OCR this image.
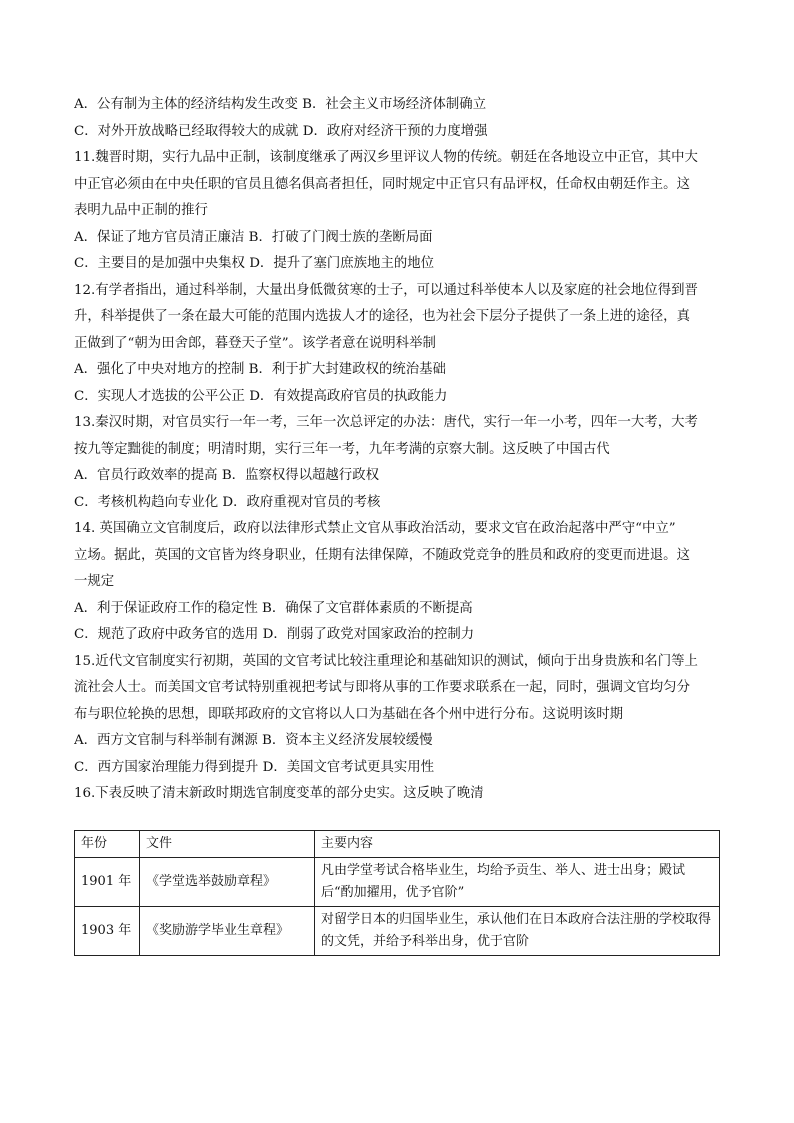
A．公有制为主体的经济结构发生改变 B．社会主义市场经济体制确立
C．对外开放战略已经取得较大的成就 D．政府对经济干预的力度增强
11.魏晋时期，实行九品中正制，该制度继承了两汉乡里评议人物的传统。朝廷在各地设立中正官，其中大
中正官必须由在中央任职的官员且德名俱高者担任，同时规定中正官只有品评权，任命权由朝廷作主。这
表明九品中正制的推行
A．保证了地方官员清正廉洁 B．打破了门阀士族的垄断局面
C．主要目的是加强中央集权 D．提升了塞门庶族地主的地位
12.有学者指出，通过科举制，大量出身低微贫寒的士子，可以通过科举使本人以及家庭的社会地位得到晋
升，科举提供了一条在最大可能的范围内选拔人才的途径，也为社会下层分子提供了一条上进的途径，真
正做到了“朝为田舍郎，暮登天子堂”。该学者意在说明科举制
A．强化了中央对地方的控制 B．利于扩大封建政权的统治基础
C．实现人才选拔的公平公正 D．有效提高政府官员的执政能力
13.秦汉时期，对官员实行一年一考，三年一次总评定的办法：唐代，实行一年一小考，四年一大考，大考
按九等定黜徙的制度；明清时期，实行三年一考，九年考满的京察大制。这反映了中国古代
A．官员行政效率的提高 B．监察权得以超越行政权
C．考核机构趋向专业化 D．政府重视对官员的考核
14. 英国确立文官制度后，政府以法律形式禁止文官从事政治活动，要求文官在政治起落中严守“中立”
立场。据此，英国的文官皆为终身职业，任期有法律保障，不随政党竞争的胜员和政府的变更而进退。这
一规定
A．利于保证政府工作的稳定性 B．确保了文官群体素质的不断提高
C．规范了政府中政务官的选用 D．削弱了政党对国家政治的控制力
15.近代文官制度实行初期，英国的文官考试比较注重理论和基础知识的测试，倾向于出身贵族和名门等上
流社会人士。而美国文官考试特别重视把考试与即将从事的工作要求联系在一起，同时，强调文官均匀分
布与职位轮换的思想，即联邦政府的文官将以人口为基础在各个州中进行分布。这说明该时期
A．西方文官制与科举制有渊源 B．资本主义经济发展较缓慢
C．西方国家治理能力得到提升 D．美国文官考试更具实用性
16.下表反映了清末新政时期选官制度变革的部分史实。这反映了晚清
年份	文件	主要内容
1901 年	《学堂选举鼓励章程》	凡由学堂考试合格毕业生，均给予贡生、举人、进士出身；殿试后“酌加擢用，优予官阶”
1903 年	《奖励游学毕业生章程》	对留学日本的归国毕业生，承认他们在日本政府合法注册的学校取得的文凭，并给予科举出身，优于官阶
